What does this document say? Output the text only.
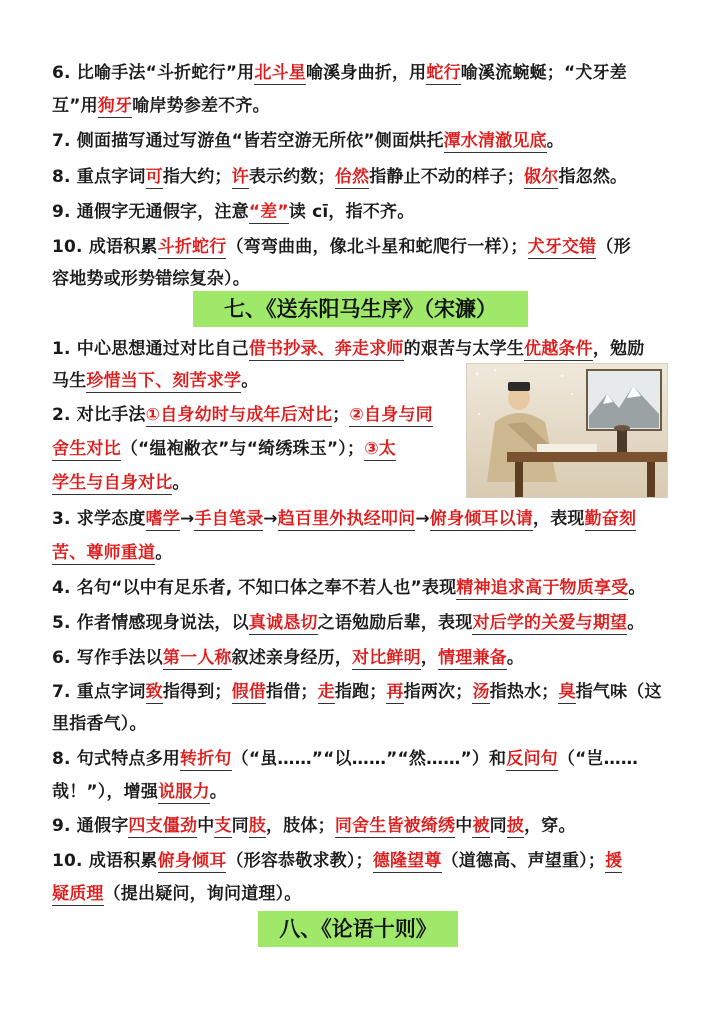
6. 比喻手法“斗折蛇行”用北斗星喻溪身曲折，用蛇行喻溪流蜿蜒；“犬牙差
互”用狗牙喻岸势参差不齐。
7. 侧面描写通过写游鱼“皆若空游无所依”侧面烘托潭水清澈见底。
8. 重点字词可指大约；许表示约数；佁然指静止不动的样子；俶尔指忽然。
9. 通假字无通假字，注意“差”读 cī，指不齐。
10. 成语积累斗折蛇行（弯弯曲曲，像北斗星和蛇爬行一样）；犬牙交错（形
容地势或形势错综复杂）。
七、《送东阳马生序》（宋濂）
1. 中心思想通过对比自己借书抄录、奔走求师的艰苦与太学生优越条件，勉励
马生珍惜当下、刻苦求学。
2. 对比手法①自身幼时与成年后对比；②自身与同
舍生对比（“缊袍敝衣”与“绮绣珠玉”）；③太
学生与自身对比。
3. 求学态度嗜学→手自笔录→趋百里外执经叩问→俯身倾耳以请，表现勤奋刻
苦、尊师重道。
4. 名句“以中有足乐者, 不知口体之奉不若人也”表现精神追求高于物质享受。
5. 作者情感现身说法，以真诚恳切之语勉励后辈，表现对后学的关爱与期望。
6. 写作手法以第一人称叙述亲身经历，对比鲜明，情理兼备。
7. 重点字词致指得到；假借指借；走指跑；再指两次；汤指热水；臭指气味（这
里指香气）。
8. 句式特点多用转折句（“虽……”“以……”“然……”）和反问句（“岂……
哉！”），增强说服力。
9. 通假字四支僵劲中支同肢，肢体；同舍生皆被绮绣中被同披，穿。
10. 成语积累俯身倾耳（形容恭敬求教）；德隆望尊（道德高、声望重）；援
疑质理（提出疑问，询问道理）。
八、《论语十则》
